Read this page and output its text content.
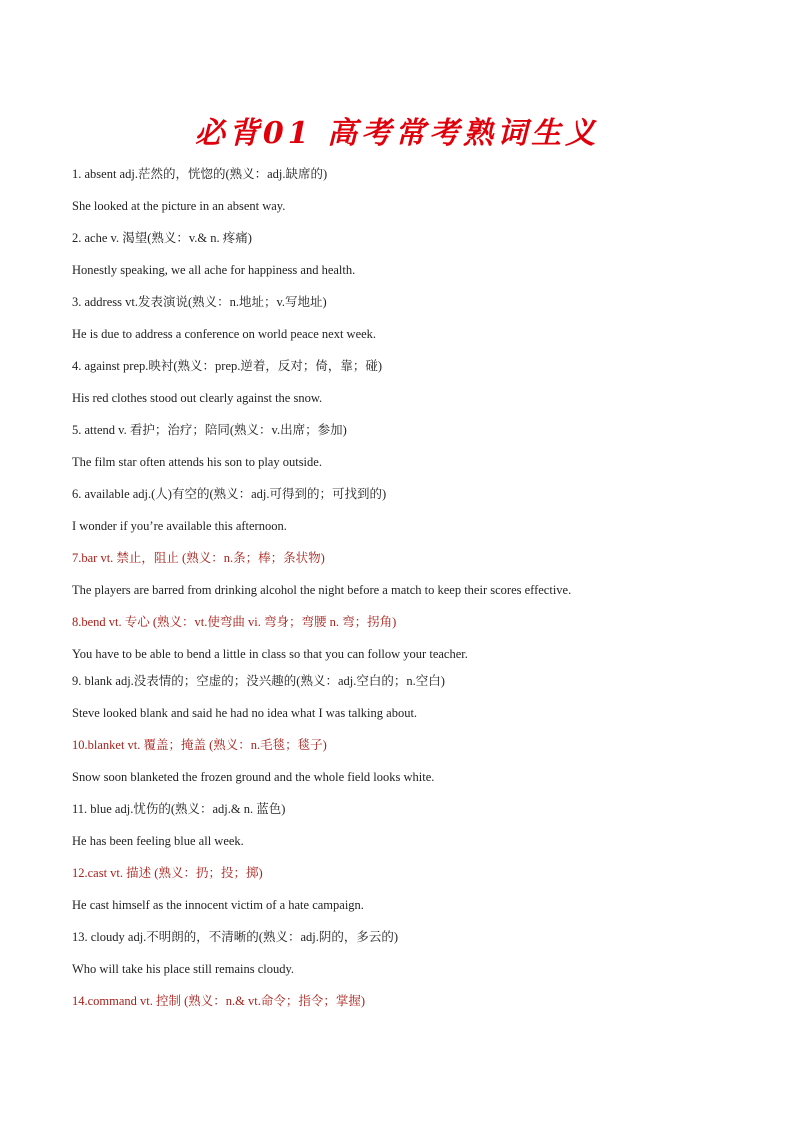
必背01 高考常考熟词生义
1. absent adj.茫然的，恍惚的(熟义：adj.缺席的)
She looked at the picture in an absent way.
2. ache v. 渴望(熟义：v.& n. 疼痛)
Honestly speaking, we all ache for happiness and health.
3. address vt.发表演说(熟义：n.地址；v.写地址)
He is due to address a conference on world peace next week.
4. against prep.映衬(熟义：prep.逆着，反对；倚，靠；碰)
His red clothes stood out clearly against the snow.
5. attend v. 看护；治疗；陪同(熟义：v.出席；参加)
The film star often attends his son to play outside.
6. available adj.(人)有空的(熟义：adj.可得到的；可找到的)
I wonder if you’re available this afternoon.
7.bar vt. 禁止，阻止 (熟义：n.条；棒；条状物)
The players are barred from drinking alcohol the night before a match to keep their scores effective.
8.bend vt. 专心 (熟义：vt.使弯曲 vi. 弯身；弯腰 n. 弯；拐角)
You have to be able to bend a little in class so that you can follow your teacher.
9. blank adj.没表情的；空虚的；没兴趣的(熟义：adj.空白的；n.空白)
Steve looked blank and said he had no idea what I was talking about.
10.blanket vt. 覆盖；掩盖 (熟义：n.毛毯；毯子)
Snow soon blanketed the frozen ground and the whole field looks white.
11. blue adj.忧伤的(熟义：adj.& n. 蓝色)
He has been feeling blue all week.
12.cast vt. 描述 (熟义：扔；投；掷)
He cast himself as the innocent victim of a hate campaign.
13. cloudy adj.不明朗的，不清晰的(熟义：adj.阴的，多云的)
Who will take his place still remains cloudy.
14.command vt. 控制 (熟义：n.& vt.命令；指令；掌握)
